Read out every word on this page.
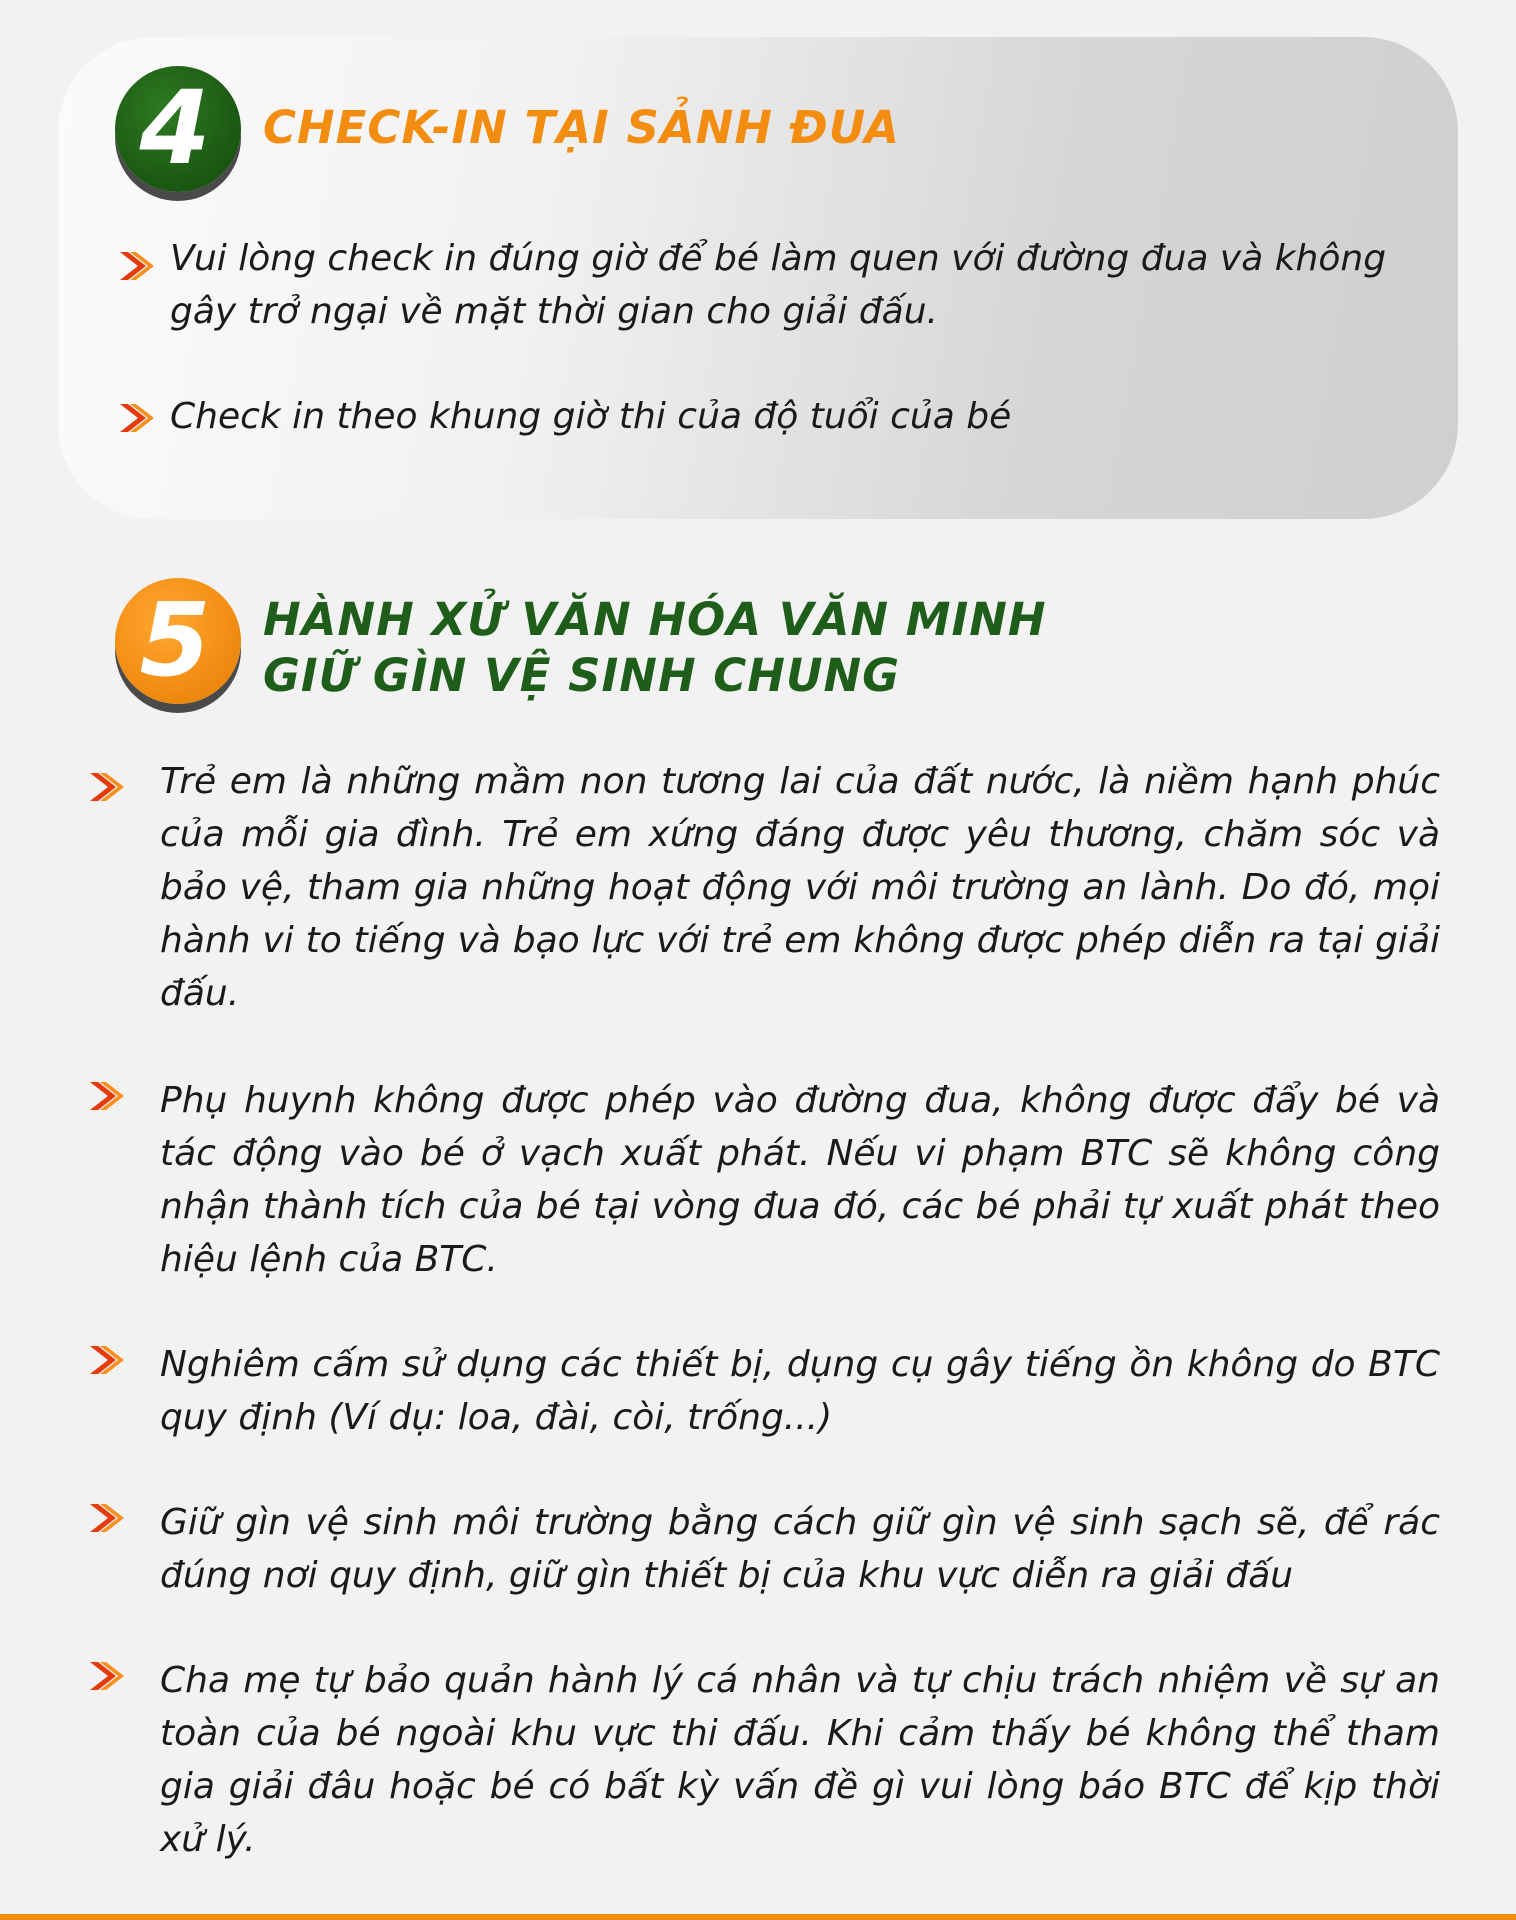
4 CHECK-IN TẠI SẢNH ĐUA

Vui lòng check in đúng giờ để bé làm quen với đường đua và không gây trở ngại về mặt thời gian cho giải đấu.

Check in theo khung giờ thi của độ tuổi của bé

5 HÀNH XỬ VĂN HÓA VĂN MINH
GIỮ GÌN VỆ SINH CHUNG

Trẻ em là những mầm non tương lai của đất nước, là niềm hạnh phúc của mỗi gia đình. Trẻ em xứng đáng được yêu thương, chăm sóc và bảo vệ, tham gia những hoạt động với môi trường an lành. Do đó, mọi hành vi to tiếng và bạo lực với trẻ em không được phép diễn ra tại giải đấu.

Phụ huynh không được phép vào đường đua, không được đẩy bé và tác động vào bé ở vạch xuất phát. Nếu vi phạm BTC sẽ không công nhận thành tích của bé tại vòng đua đó, các bé phải tự xuất phát theo hiệu lệnh của BTC.

Nghiêm cấm sử dụng các thiết bị, dụng cụ gây tiếng ồn không do BTC quy định (Ví dụ: loa, đài, còi, trống...)

Giữ gìn vệ sinh môi trường bằng cách giữ gìn vệ sinh sạch sẽ, để rác đúng nơi quy định, giữ gìn thiết bị của khu vực diễn ra giải đấu

Cha mẹ tự bảo quản hành lý cá nhân và tự chịu trách nhiệm về sự an toàn của bé ngoài khu vực thi đấu. Khi cảm thấy bé không thể tham gia giải đâu hoặc bé có bất kỳ vấn đề gì vui lòng báo BTC để kịp thời xử lý.
